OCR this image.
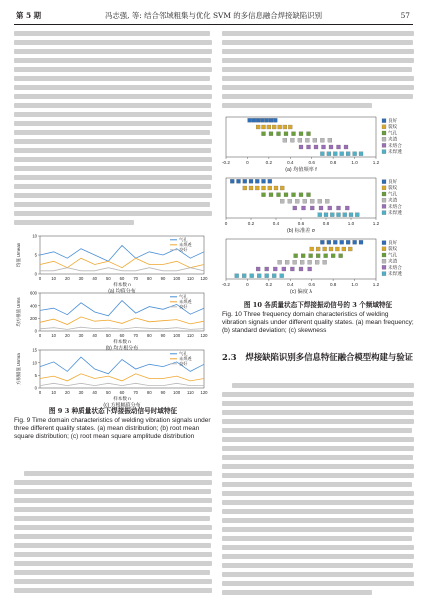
第 5 期	冯志强, 等: 结合邻域粗集与优化 SVM 的多信息融合焊接缺陷识别	57
0
5
10
0 10 20 30 40 50 60 70 80 90 100 110 120
均值 Umean
样本数 n
(a) 均值分布
气孔
未焊透
良好
0
200
400
600
0 10 20 30 40 50 60 70 80 90 100 110 120
均方根值 Urms
样本数 n
(b) 均方根分布
气孔
未焊透
良好
0
5
10
15
0 10 20 30 40 50 60 70 80 90 100 110 120
方根幅值 Usmra
样本数 n
(c) 方根幅值分布
气孔
未焊透
良好
图 9 3 种质量状态下焊接振动信号时域特征
Fig. 9 Time domain characteristics of welding vibration signals under three different quality states. (a) mean distribution; (b) root mean square distribution; (c) root mean square amplitude distribution
-0.2	0	0.2	0.4	0.6	0.8	1.0	1.2
(a) 均值频率 f
良好
裂纹
气孔
夹渣
未熔合
未焊透
0	0.2	0.4	0.6	0.8	1.0	1.2
(b) 标准差 σ
良好
裂纹
气孔
夹渣
未熔合
未焊透
-0.2	0	0.2	0.4	0.6	0.8	1.0	1.2
(c) 偏度 λ
良好
裂纹
气孔
夹渣
未熔合
未焊透
图 10 各质量状态下焊接振动信号的 3 个频域特征
Fig. 10 Three frequency domain characteristics of welding vibration signals under different quality states. (a) mean frequency; (b) standard deviation; (c) skewness
2.3 焊接缺陷识别多信息特征融合模型构建与验证
